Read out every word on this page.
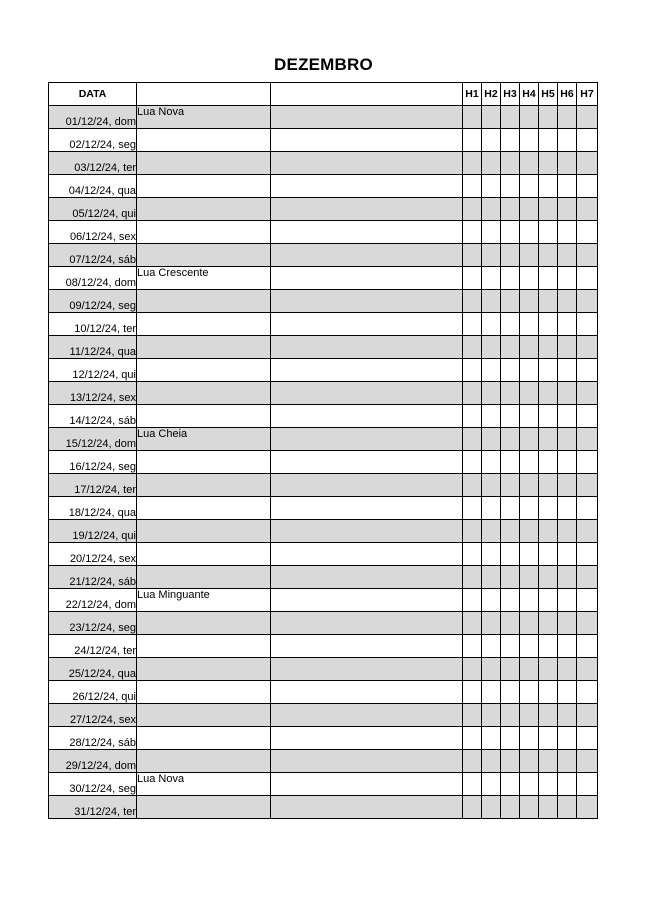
DEZEMBRO
DATA			H1	H2	H3	H4	H5	H6	H7
01/12/24, dom	Lua Nova								
02/12/24, seg									
03/12/24, ter									
04/12/24, qua									
05/12/24, qui									
06/12/24, sex									
07/12/24, sáb									
08/12/24, dom	Lua Crescente								
09/12/24, seg									
10/12/24, ter									
11/12/24, qua									
12/12/24, qui									
13/12/24, sex									
14/12/24, sáb									
15/12/24, dom	Lua Cheia								
16/12/24, seg									
17/12/24, ter									
18/12/24, qua									
19/12/24, qui									
20/12/24, sex									
21/12/24, sáb									
22/12/24, dom	Lua Minguante								
23/12/24, seg									
24/12/24, ter									
25/12/24, qua									
26/12/24, qui									
27/12/24, sex									
28/12/24, sáb									
29/12/24, dom									
30/12/24, seg	Lua Nova								
31/12/24, ter									
